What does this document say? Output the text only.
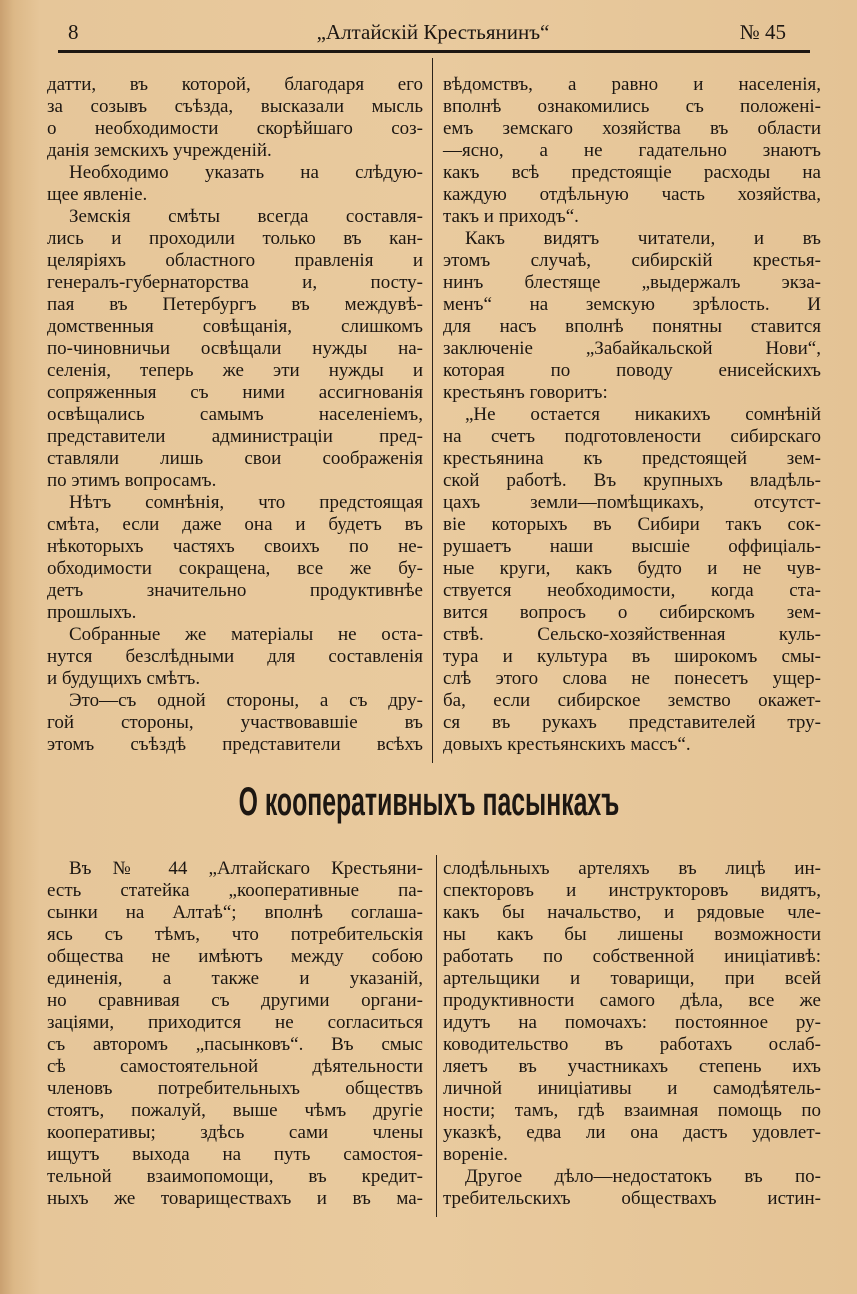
8	„Алтайскій Крестьянинъ“	№ 45
датти, въ которой, благодаря его
за созывъ съѣзда, высказали мысль
о необходимости скорѣйшаго соз-
данія земскихъ учрежденій.
Необходимо указать на слѣдую-
щее явленіе.
Земскія смѣты всегда составля-
лись и проходили только въ кан-
целяріяхъ областного правленія и
генералъ-губернаторства и, посту-
пая въ Петербургъ въ междувѣ-
домственныя совѣщанія, слишкомъ
по-чиновничьи освѣщали нужды на-
селенія, теперь же эти нужды и
сопряженныя съ ними ассигнованія
освѣщались самымъ населеніемъ,
представители администраціи пред-
ставляли лишь свои соображенія
по этимъ вопросамъ.
Нѣтъ сомнѣнія, что предстоящая
смѣта, если даже она и будетъ въ
нѣкоторыхъ частяхъ своихъ по не-
обходимости сокращена, все же бу-
детъ значительно продуктивнѣе
прошлыхъ.
Собранные же матеріалы не оста-
нутся безслѣдными для составленія
и будущихъ смѣтъ.
Это—съ одной стороны, а съ дру-
гой стороны, участвовавшіе въ
этомъ съѣздѣ представители всѣхъ
вѣдомствъ, а равно и населенія,
вполнѣ ознакомились съ положені-
емъ земскаго хозяйства въ области
—ясно, а не гадательно знаютъ
какъ всѣ предстоящіе расходы на
каждую отдѣльную часть хозяйства,
такъ и приходъ“.
Какъ видятъ читатели, и въ
этомъ случаѣ, сибирскій крестья-
нинъ блестяще „выдержалъ экза-
менъ“ на земскую зрѣлость. И
для насъ вполнѣ понятны ставится
заключеніе „Забайкальской Нови“,
которая по поводу енисейскихъ
крестьянъ говоритъ:
„Не остается никакихъ сомнѣній
на счетъ подготовлености сибирскаго
крестьянина къ предстоящей зем-
ской работѣ. Въ крупныхъ владѣль-
цахъ земли—помѣщикахъ, отсутст-
віе которыхъ въ Сибири такъ сок-
рушаетъ наши высшіе оффиціаль-
ные круги, какъ будто и не чув-
ствуется необходимости, когда ста-
вится вопросъ о сибирскомъ зем-
ствѣ. Сельско-хозяйственная куль-
тура и культура въ широкомъ смы-
слѣ этого слова не понесетъ ущер-
ба, если сибирское земство окажет-
ся въ рукахъ представителей тру-
довыхъ крестьянскихъ массъ“.
О кооперативныхъ пасынкахъ
Въ № 44 „Алтайскаго Крестьяни-
есть статейка „кооперативные па-
сынки на Алтаѣ“; вполнѣ соглаша-
ясь съ тѣмъ, что потребительскія
общества не имѣютъ между собою
единенія, а также и указаній,
но сравнивая съ другими органи-
заціями, приходится не согласиться
съ авторомъ „пасынковъ“. Въ смыс
сѣ самостоятельной дѣятельности
членовъ потребительныхъ обществъ
стоятъ, пожалуй, выше чѣмъ другіе
кооперативы; здѣсь сами члены
ищутъ выхода на путь самостоя-
тельной взаимопомощи, въ кредит-
ныхъ же товариществахъ и въ ма-
слодѣльныхъ артеляхъ въ лицѣ ин-
спекторовъ и инструкторовъ видятъ,
какъ бы начальство, и рядовые чле-
ны какъ бы лишены возможности
работать по собственной иниціативѣ:
артельщики и товарищи, при всей
продуктивности самого дѣла, все же
идутъ на помочахъ: постоянное ру-
ководительство въ работахъ ослаб-
ляетъ въ участникахъ степень ихъ
личной иниціативы и самодѣятель-
ности; тамъ, гдѣ взаимная помощь по
указкѣ, едва ли она дастъ удовлет-
вореніе.
Другое дѣло—недостатокъ въ по-
требительскихъ обществахъ истин-
